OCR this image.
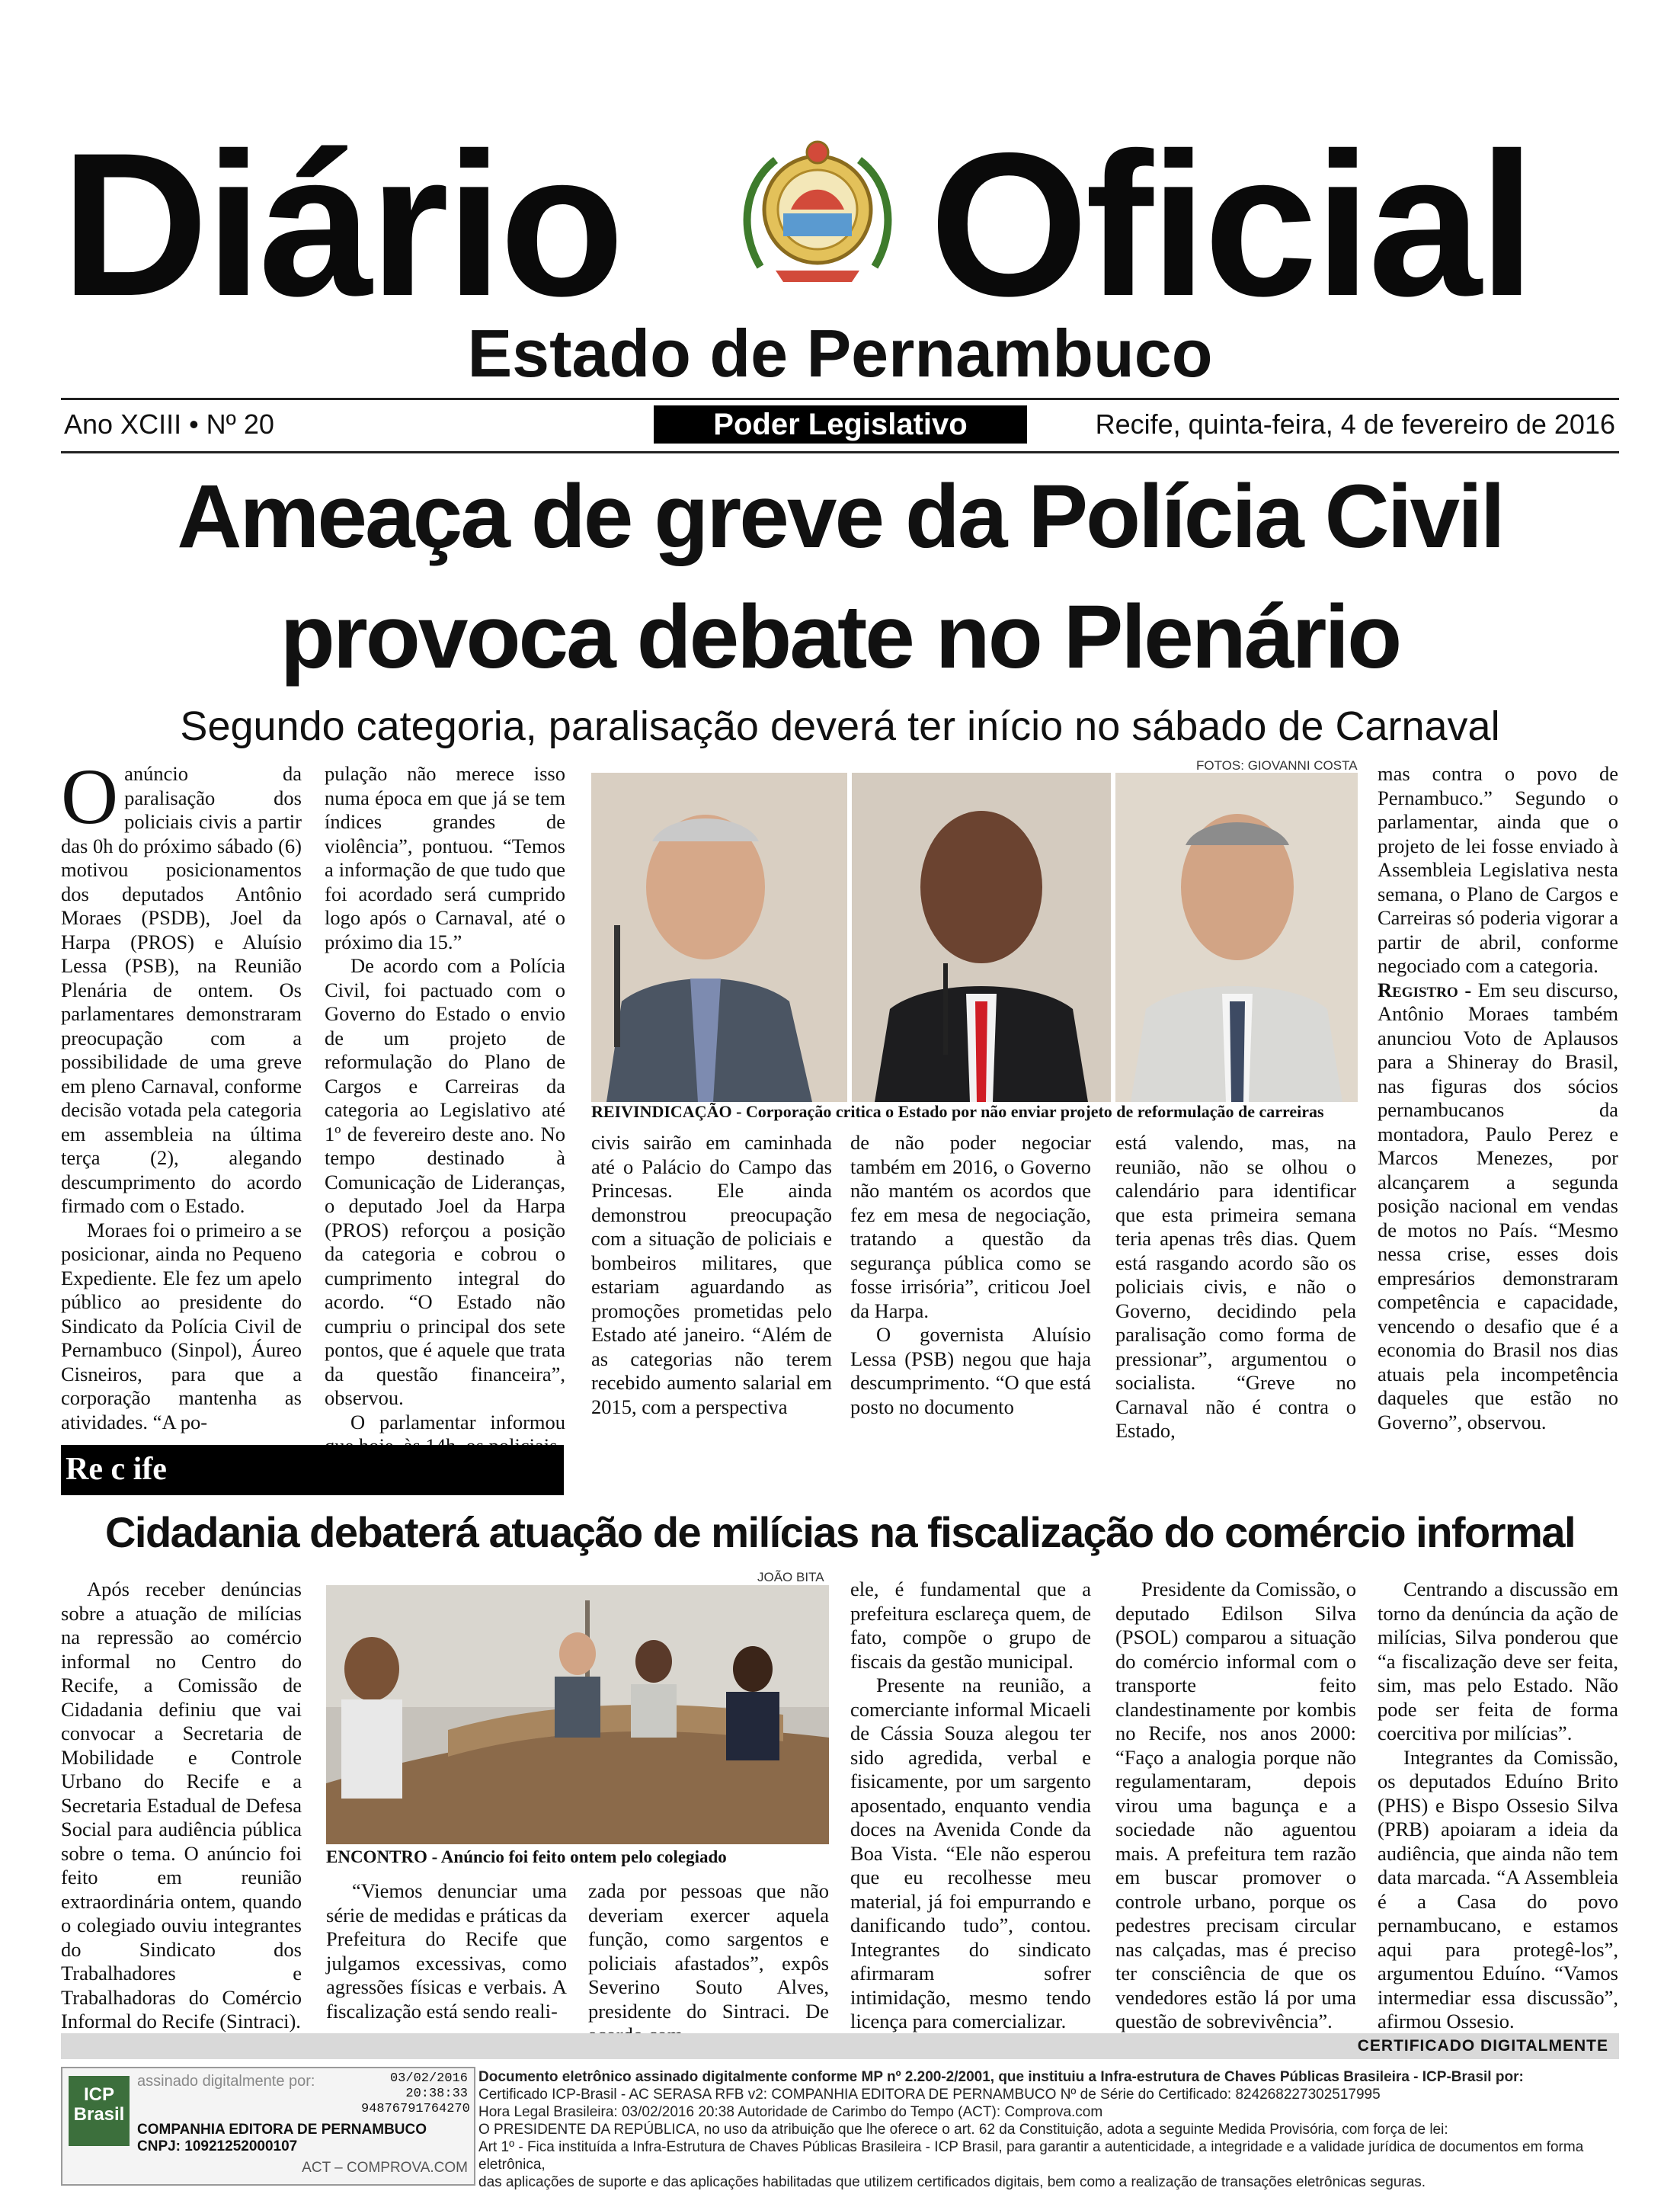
Diário Oficial
Estado de Pernambuco
Ano XCIII • Nº 20	Poder Legislativo	Recife, quinta-feira, 4 de fevereiro de 2016
Ameaça de greve da Polícia Civil
provoca debate no Plenário
Segundo categoria, paralisação deverá ter início no sábado de Carnaval
O anúncio da paralisação dos policiais civis a partir das 0h do próximo sábado (6) motivou posicionamentos dos deputados Antônio Moraes (PSDB), Joel da Harpa (PROS) e Aluísio Lessa (PSB), na Reunião Plenária de ontem. Os parlamentares demonstraram preocupação com a possibilidade de uma greve em pleno Carnaval, conforme decisão votada pela categoria em assembleia na última terça (2), alegando descumprimento do acordo firmado com o Estado.

Moraes foi o primeiro a se posicionar, ainda no Pequeno Expediente. Ele fez um apelo público ao presidente do Sindicato da Polícia Civil de Pernambuco (Sinpol), Áureo Cisneiros, para que a corporação mantenha as atividades. “A po-

pulação não merece isso numa época em que já se tem índices grandes de violência”, pontuou. “Temos a informação de que tudo que foi acordado será cumprido logo após o Carnaval, até o próximo dia 15.”

De acordo com a Polícia Civil, foi pactuado com o Governo do Estado o envio de um projeto de reformulação do Plano de Cargos e Carreiras da categoria ao Legislativo até 1º de fevereiro deste ano. No tempo destinado à Comunicação de Lideranças, o deputado Joel da Harpa (PROS) reforçou a posição da categoria e cobrou o cumprimento integral do acordo. “O Estado não cumpriu o principal dos sete pontos, que é aquele que trata da questão financeira”, observou.

O parlamentar informou

FOTOS: GIOVANNI COSTA
REIVINDICAÇÃO - Corporação critica o Estado por não enviar projeto de reformulação de carreiras

civis sairão em caminhada até o Palácio do Campo das Princesas. Ele ainda demonstrou preocupação com a situação de policiais e bombeiros militares, que estariam aguardando as promoções prometidas pelo Estado até janeiro. “Além de as categorias não terem recebido aumento salarial em 2015, com a perspectiva

de não poder negociar também em 2016, o Governo não mantém os acordos que fez em mesa de negociação, tratando a questão da segurança pública como se fosse irrisória”, criticou Joel da Harpa.

O governista Aluísio Lessa (PSB) negou que haja descumprimento. “O que está posto no documento

está valendo, mas, na reunião, não se olhou o calendário para identificar que esta primeira semana teria apenas três dias. Quem está rasgando acordo são os policiais civis, e não o Governo, decidindo pela paralisação como forma de pressionar”, argumentou o socialista. “Greve no Carnaval não é contra o Estado,

mas contra o povo de Pernambuco.” Segundo o parlamentar, ainda que o projeto de lei fosse enviado à Assembleia Legislativa nesta semana, o Plano de Cargos e Carreiras só poderia vigorar a partir de abril, conforme negociado com a categoria.

Registro - Em seu discurso, Antônio Moraes também anunciou Voto de Aplausos para a Shineray do Brasil, nas figuras dos sócios pernambucanos da montadora, Paulo Perez e Marcos Menezes, por alcançarem a segunda posição nacional em vendas de motos no País. “Mesmo nessa crise, esses dois empresários demonstraram competência e capacidade, vencendo o desafio que é a economia do Brasil nos dias atuais pela incompetência daqueles que estão no Governo”, observou.

Re c ife
Cidadania debaterá atuação de milícias na fiscalização do comércio informal

Após receber denúncias sobre a atuação de milícias na repressão ao comércio informal no Centro do Recife, a Comissão de Cidadania definiu que vai convocar a Secretaria de Mobilidade e Controle Urbano do Recife e a Secretaria Estadual de Defesa Social para audiência pública sobre o tema. O anúncio foi feito em reunião extraordinária ontem, quando o colegiado ouviu integrantes do Sindicato dos Trabalhadores e Trabalhadoras do Comércio Informal do Recife (Sintraci).

JOÃO BITA
ENCONTRO - Anúncio foi feito ontem pelo colegiado

“Viemos denunciar uma série de medidas e práticas da Prefeitura do Recife que julgamos excessivas, como agressões físicas e verbais. A fiscalização está sendo reali-

zada por pessoas que não deveriam exercer aquela função, como sargentos e policiais afastados”, expôs Severino Souto Alves, presidente do Sintraci. De

ele, é fundamental que a prefeitura esclareça quem, de fato, compõe o grupo de fiscais da gestão municipal.

Presente na reunião, a comerciante informal Micaeli de Cássia Souza alegou ter sido agredida, verbal e fisicamente, por um sargento aposentado, enquanto vendia doces na Avenida Conde da Boa Vista. “Ele não esperou que eu recolhesse meu material, já foi empurrando e danificando tudo”, contou. Integrantes do sindicato afirmaram sofrer intimidação, mesmo tendo licença para comercializar.

Presidente da Comissão, o deputado Edilson Silva (PSOL) comparou a situação do comércio informal com o transporte feito clandestinamente por kombis no Recife, nos anos 2000: “Faço a analogia porque não regulamentaram, depois virou uma bagunça e a sociedade não aguentou mais. A prefeitura tem razão em buscar promover o controle urbano, porque os pedestres precisam circular nas calçadas, mas é preciso ter consciência de que os vendedores estão lá por uma questão de sobrevivência”.

Centrando a discussão em torno da denúncia da ação de milícias, Silva ponderou que “a fiscalização deve ser feita, sim, mas pelo Estado. Não pode ser feita de forma coercitiva por milícias”.

Integrantes da Comissão, os deputados Eduíno Brito (PHS) e Bispo Ossesio Silva (PRB) apoiaram a ideia da audiência, que ainda não tem data marcada. “A Assembleia é a Casa do povo pernambucano, e estamos aqui para protegê-los”, argumentou Eduíno. “Vamos intermediar essa discussão”, afirmou Ossesio.

CERTIFICADO DIGITALMENTE
ICP Brasil
assinado digitalmente por:	03/02/2016
20:38:33
94876791764270
COMPANHIA EDITORA DE PERNAMBUCO
CNPJ: 10921252000107
ACT – COMPROVA.COM
Documento eletrônico assinado digitalmente conforme MP nº 2.200-2/2001, que instituiu a Infra-estrutura de Chaves Públicas Brasileira - ICP-Brasil por:
Certificado ICP-Brasil - AC SERASA RFB v2: COMPANHIA EDITORA DE PERNAMBUCO Nº de Série do Certificado: 824268227302517995
Hora Legal Brasileira: 03/02/2016 20:38 Autoridade de Carimbo do Tempo (ACT): Comprova.com
O PRESIDENTE DA REPÚBLICA, no uso da atribuição que lhe oferece o art. 62 da Constituição, adota a seguinte Medida Provisória, com força de lei:
Art 1º - Fica instituída a Infra-Estrutura de Chaves Públicas Brasileira - ICP Brasil, para garantir a autenticidade, a integridade e a validade jurídica de documentos em forma eletrônica,
das aplicações de suporte e das aplicações habilitadas que utilizem certificados digitais, bem como a realização de transações eletrônicas seguras.
